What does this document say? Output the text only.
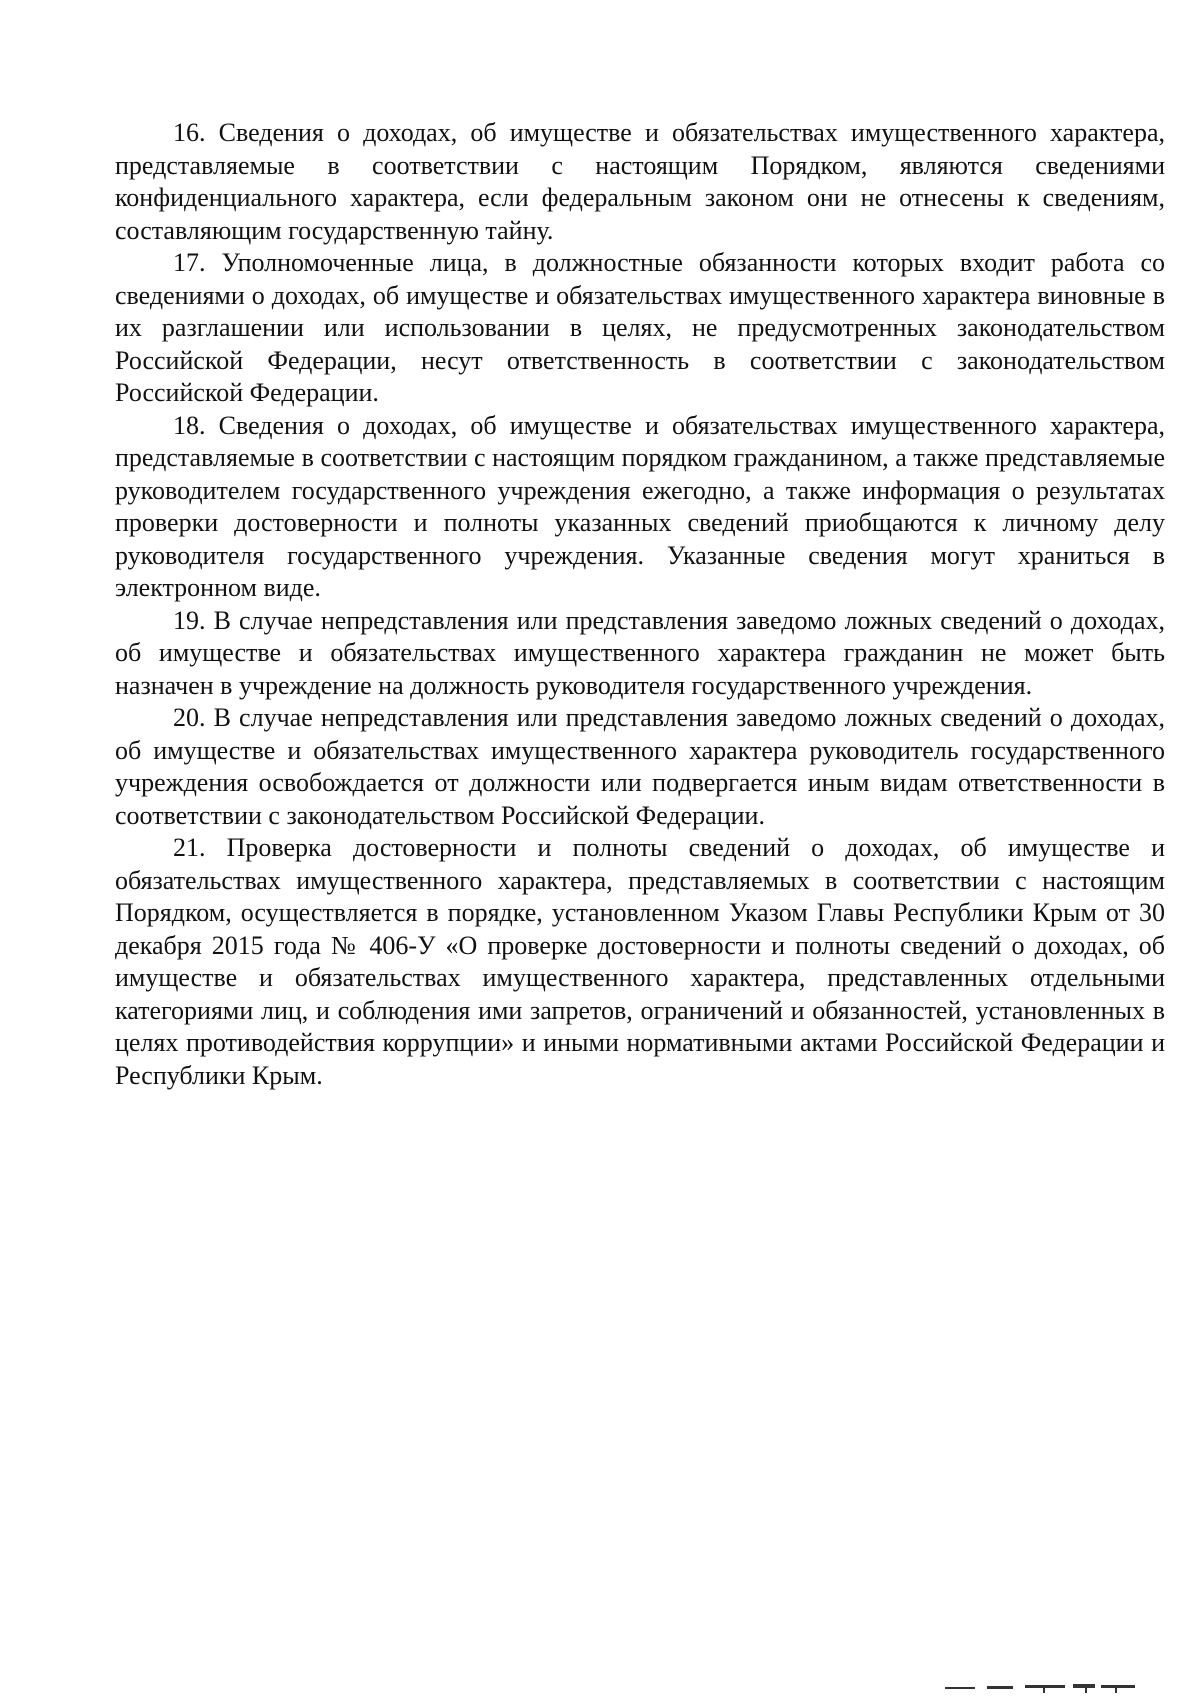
16. Сведения о доходах, об имуществе и обязательствах имущественного характера, представляемые в соответствии с настоящим Порядком, являются сведениями конфиденциального характера, если федеральным законом они не отнесены к сведениям, составляющим государственную тайну.

17. Уполномоченные лица, в должностные обязанности которых входит работа со сведениями о доходах, об имуществе и обязательствах имущественного характера виновные в их разглашении или использовании в целях, не предусмотренных законодательством Российской Федерации, несут ответственность в соответствии с законодательством Российской Федерации.

18. Сведения о доходах, об имуществе и обязательствах имущественного характера, представляемые в соответствии с настоящим порядком гражданином, а также представляемые руководителем государственного учреждения ежегодно, а также информация о результатах проверки достоверности и полноты указанных сведений приобщаются к личному делу руководителя государственного учреждения. Указанные сведения могут храниться в электронном виде.

19. В случае непредставления или представления заведомо ложных сведений о доходах, об имуществе и обязательствах имущественного характера гражданин не может быть назначен в учреждение на должность руководителя государственного учреждения.

20. В случае непредставления или представления заведомо ложных сведений о доходах, об имуществе и обязательствах имущественного характера руководитель государственного учреждения освобождается от должности или подвергается иным видам ответственности в соответствии с законодательством Российской Федерации.

21. Проверка достоверности и полноты сведений о доходах, об имуществе и обязательствах имущественного характера, представляемых в соответствии с настоящим Порядком, осуществляется в порядке, установленном Указом Главы Республики Крым от 30 декабря 2015 года № 406-У «О проверке достоверности и полноты сведений о доходах, об имуществе и обязательствах имущественного характера, представленных отдельными категориями лиц, и соблюдения ими запретов, ограничений и обязанностей, установленных в целях противодействия коррупции» и иными нормативными актами Российской Федерации и Республики Крым.
